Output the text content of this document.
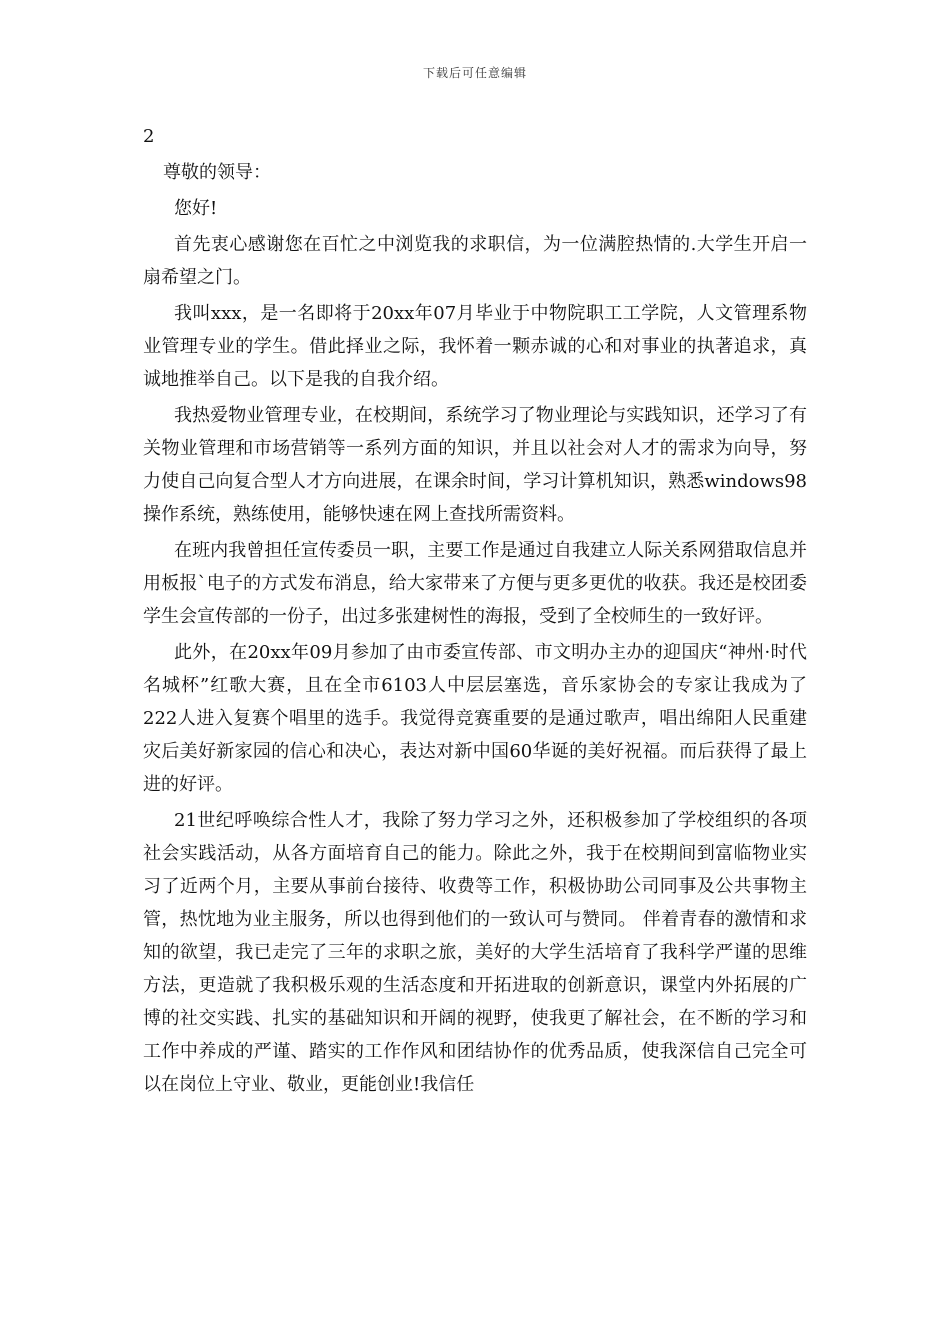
下载后可任意编辑
2

尊敬的领导：

您好!

首先衷心感谢您在百忙之中浏览我的求职信，为一位满腔热情的.大学生开启一扇希望之门。

我叫xxx，是一名即将于20xx年07月毕业于中物院职工工学院，人文管理系物业管理专业的学生。借此择业之际，我怀着一颗赤诚的心和对事业的执著追求，真诚地推举自己。以下是我的自我介绍。

我热爱物业管理专业，在校期间，系统学习了物业理论与实践知识，还学习了有关物业管理和市场营销等一系列方面的知识，并且以社会对人才的需求为向导，努力使自己向复合型人才方向进展，在课余时间，学习计算机知识，熟悉windows98操作系统，熟练使用，能够快速在网上查找所需资料。

在班内我曾担任宣传委员一职，主要工作是通过自我建立人际关系网猎取信息并用板报`电子的方式发布消息，给大家带来了方便与更多更优的收获。我还是校团委学生会宣传部的一份子，出过多张建树性的海报，受到了全校师生的一致好评。

此外，在20xx年09月参加了由市委宣传部、市文明办主办的迎国庆“神州·时代名城杯”红歌大赛，且在全市6103人中层层塞选，音乐家协会的专家让我成为了222人进入复赛个唱里的选手。我觉得竞赛重要的是通过歌声，唱出绵阳人民重建灾后美好新家园的信心和决心，表达对新中国60华诞的美好祝福。而后获得了最上进的好评。

21世纪呼唤综合性人才，我除了努力学习之外，还积极参加了学校组织的各项社会实践活动，从各方面培育自己的能力。除此之外，我于在校期间到富临物业实习了近两个月，主要从事前台接待、收费等工作，积极协助公司同事及公共事物主管，热忱地为业主服务，所以也得到他们的一致认可与赞同。 伴着青春的激情和求知的欲望，我已走完了三年的求职之旅，美好的大学生活培育了我科学严谨的思维方法，更造就了我积极乐观的生活态度和开拓进取的创新意识，课堂内外拓展的广博的社交实践、扎实的基础知识和开阔的视野，使我更了解社会，在不断的学习和工作中养成的严谨、踏实的工作作风和团结协作的优秀品质，使我深信自己完全可以在岗位上守业、敬业，更能创业!我信任
